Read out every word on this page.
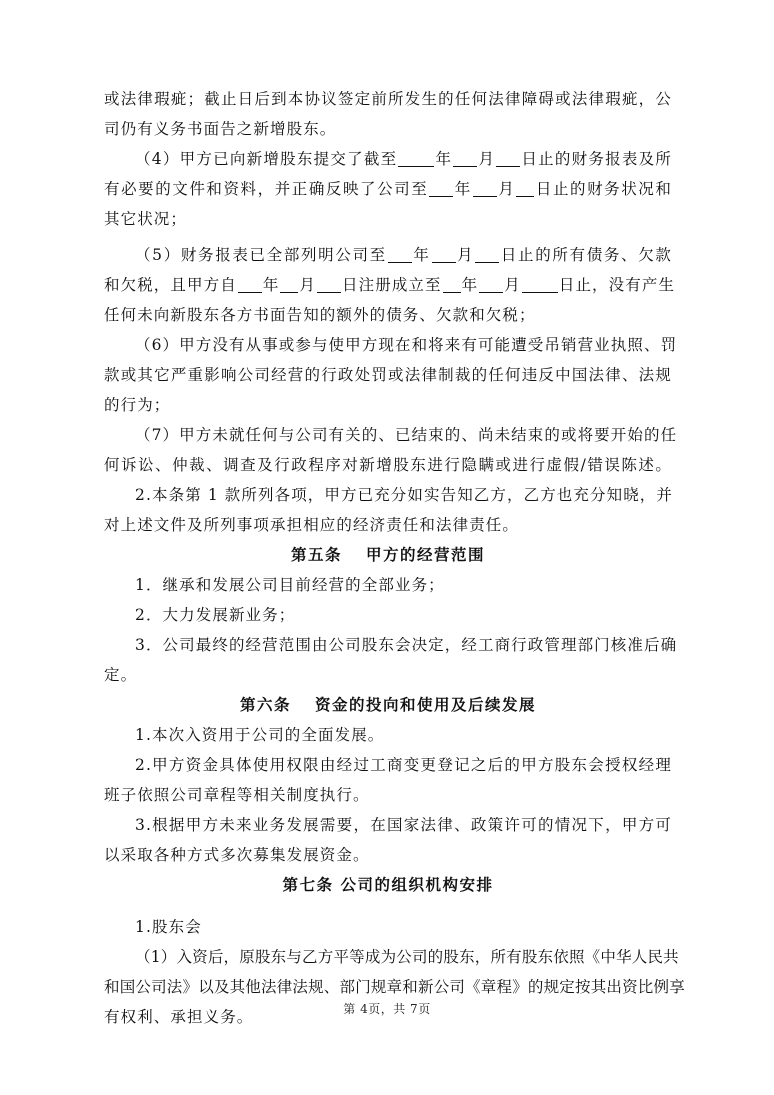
或法律瑕疵；截止日后到本协议签定前所发生的任何法律障碍或法律瑕疵，公
司仍有义务书面告之新增股东。
（4）甲方已向新增股东提交了截至 年 月 日止的财务报表及所
有必要的文件和资料，并正确反映了公司至 年 月 日止的财务状况和
其它状况；
（5）财务报表已全部列明公司至 年 月 日止的所有债务、欠款
和欠税，且甲方自 年 月 日注册成立至 年 月 日止，没有产生
任何未向新股东各方书面告知的额外的债务、欠款和欠税；
（6）甲方没有从事或参与使甲方现在和将来有可能遭受吊销营业执照、罚
款或其它严重影响公司经营的行政处罚或法律制裁的任何违反中国法律、法规
的行为；
（7）甲方未就任何与公司有关的、已结束的、尚未结束的或将要开始的任
何诉讼、仲裁、调查及行政程序对新增股东进行隐瞒或进行虚假/错误陈述。
2.本条第 1 款所列各项，甲方已充分如实告知乙方，乙方也充分知晓，并
对上述文件及所列事项承担相应的经济责任和法律责任。
第五条　 甲方的经营范围
1．继承和发展公司目前经营的全部业务；
2．大力发展新业务；
3．公司最终的经营范围由公司股东会决定，经工商行政管理部门核准后确
定。
第六条　 资金的投向和使用及后续发展
1.本次入资用于公司的全面发展。
2.甲方资金具体使用权限由经过工商变更登记之后的甲方股东会授权经理
班子依照公司章程等相关制度执行。
3.根据甲方未来业务发展需要，在国家法律、政策许可的情况下，甲方可
以采取各种方式多次募集发展资金。
第七条 公司的组织机构安排
1.股东会
（1）入资后，原股东与乙方平等成为公司的股东，所有股东依照《中华人民共
和国公司法》以及其他法律法规、部门规章和新公司《章程》的规定按其出资比例享
有权利、承担义务。	第 4页，共 7页
